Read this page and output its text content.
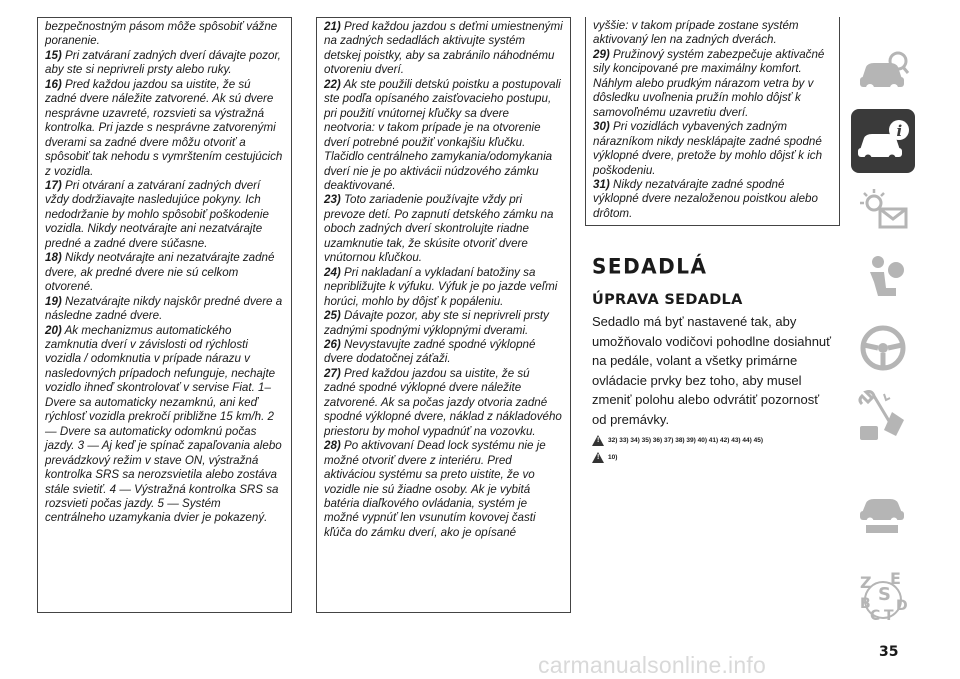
bezpečnostným pásom môže spôsobiť vážne poranenie.

15) Pri zatváraní zadných dverí dávajte pozor, aby ste si neprivreli prsty alebo ruky.

16) Pred každou jazdou sa uistite, že sú zadné dvere náležite zatvorené. Ak sú dvere nesprávne uzavreté, rozsvieti sa výstražná kontrolka. Pri jazde s nesprávne zatvorenými dverami sa zadné dvere môžu otvoriť a spôsobiť tak nehodu s vymrštením cestujúcich z vozidla.

17) Pri otváraní a zatváraní zadných dverí vždy dodržiavajte nasledujúce pokyny. Ich nedodržanie by mohlo spôsobiť poškodenie vozidla. Nikdy neotvárajte ani nezatvárajte predné a zadné dvere súčasne.

18) Nikdy neotvárajte ani nezatvárajte zadné dvere, ak predné dvere nie sú celkom otvorené.

19) Nezatvárajte nikdy najskôr predné dvere a následne zadné dvere.

20) Ak mechanizmus automatického zamknutia dverí v závislosti od rýchlosti vozidla / odomknutia v prípade nárazu v nasledovných prípadoch nefunguje, nechajte vozidlo ihneď skontrolovať v servise Fiat. 1– Dvere sa automaticky nezamknú, ani keď rýchlosť vozidla prekročí približne 15 km/h. 2 — Dvere sa automaticky odomknú počas jazdy. 3 — Aj keď je spínač zapaľovania alebo prevádzkový režim v stave ON, výstražná kontrolka SRS sa nerozsvietila alebo zostáva stále svietiť. 4 — Výstražná kontrolka SRS sa rozsvieti počas jazdy. 5 — Systém centrálneho uzamykania dvier je pokazený.

21) Pred každou jazdou s deťmi umiestnenými na zadných sedadlách aktivujte systém detskej poistky, aby sa zabránilo náhodnému otvoreniu dverí.

22) Ak ste použili detskú poistku a postupovali ste podľa opísaného zaisťovacieho postupu, pri použití vnútornej kľučky sa dvere neotvoria: v takom prípade je na otvorenie dverí potrebné použiť vonkajšiu kľučku. Tlačidlo centrálneho zamykania/odomykania dverí nie je po aktivácii núdzového zámku deaktivované.

23) Toto zariadenie používajte vždy pri prevoze detí. Po zapnutí detského zámku na oboch zadných dverí skontrolujte riadne uzamknutie tak, že skúsite otvoriť dvere vnútornou kľučkou.

24) Pri nakladaní a vykladaní batožiny sa nepribližujte k výfuku. Výfuk je po jazde veľmi horúci, mohlo by dôjsť k popáleniu.

25) Dávajte pozor, aby ste si neprivreli prsty zadnými spodnými výklopnými dverami.

26) Nevystavujte zadné spodné výklopné dvere dodatočnej záťaži.

27) Pred každou jazdou sa uistite, že sú zadné spodné výklopné dvere náležite zatvorené. Ak sa počas jazdy otvoria zadné spodné výklopné dvere, náklad z nákladového priestoru by mohol vypadnúť na vozovku.

28) Po aktivovaní Dead lock systému nie je možné otvoriť dvere z interiéru. Pred aktiváciou systému sa preto uistite, že vo vozidle nie sú žiadne osoby. Ak je vybitá batéria diaľkového ovládania, systém je možné vypnúť len vsunutím kovovej časti kľúča do zámku dverí, ako je opísané

vyššie: v takom prípade zostane systém aktivovaný len na zadných dverách.

29) Pružinový systém zabezpečuje aktivačné sily koncipované pre maximálny komfort. Náhlym alebo prudkým nárazom vetra by v dôsledku uvoľnenia pružín mohlo dôjsť k samovoľnému uzavretiu dverí.

30) Pri vozidlách vybavených zadným nárazníkom nikdy nesklápajte zadné spodné výklopné dvere, pretože by mohlo dôjsť k ich poškodeniu.

31) Nikdy nezatvárajte zadné spodné výklopné dvere nezaloženou poistkou alebo drôtom.

SEDADLÁ
ÚPRAVA SEDADLA
Sedadlo má byť nastavené tak, aby umožňovalo vodičovi pohodlne dosiahnuť na pedále, volant a všetky primárne ovládacie prvky bez toho, aby musel zmeniť polohu alebo odvrátiť pozornosť od premávky.
!
32) 33) 34) 35) 36) 37) 38) 39) 40) 41) 42) 43) 44) 45)
!
10)
i
Z E
B S
D
C T
35
carmanualsonline.info
